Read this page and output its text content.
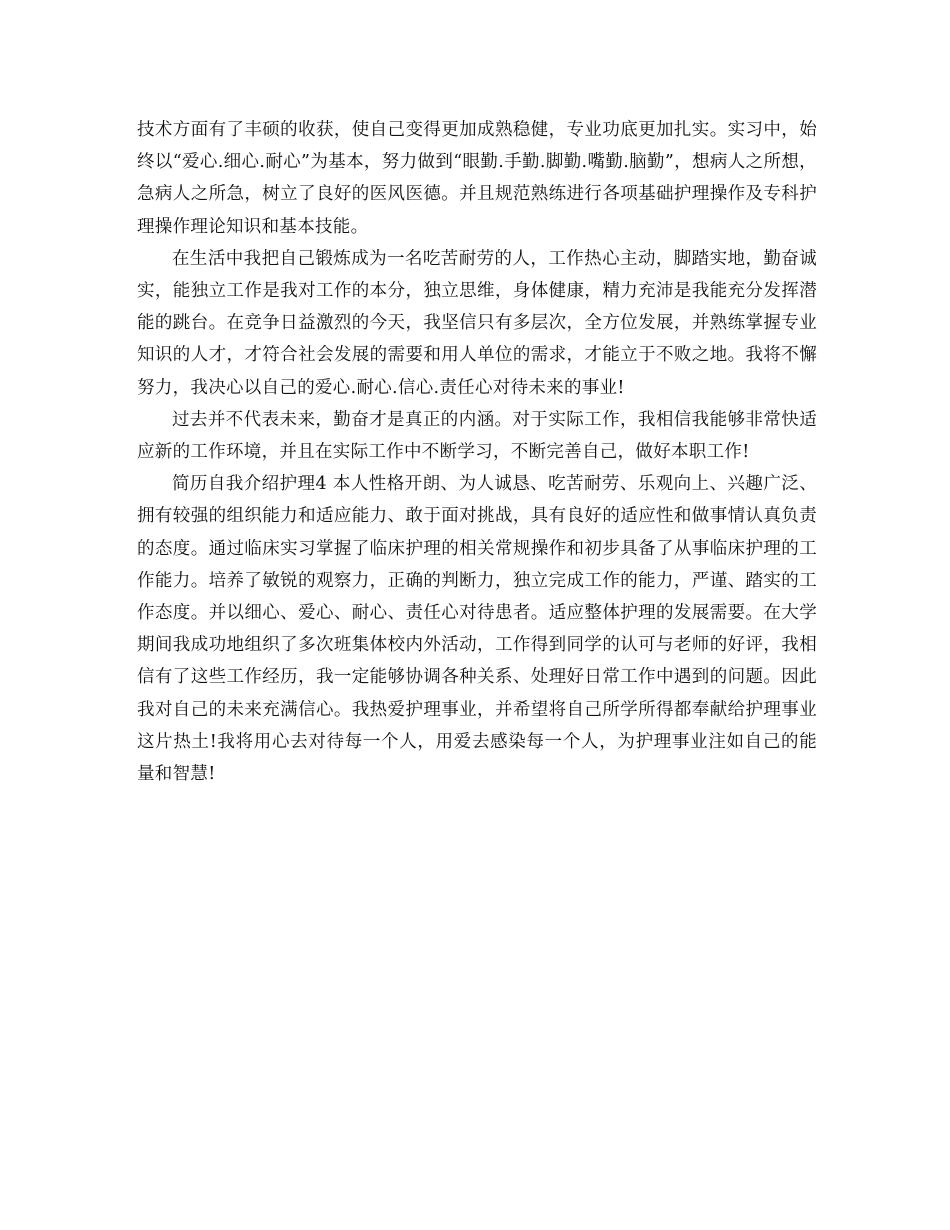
技术方面有了丰硕的收获，使自己变得更加成熟稳健，专业功底更加扎实。实习中，始终以“爱心.细心.耐心”为基本，努力做到“眼勤.手勤.脚勤.嘴勤.脑勤”，想病人之所想，急病人之所急，树立了良好的医风医德。并且规范熟练进行各项基础护理操作及专科护理操作理论知识和基本技能。

在生活中我把自己锻炼成为一名吃苦耐劳的人，工作热心主动，脚踏实地，勤奋诚实，能独立工作是我对工作的本分，独立思维，身体健康，精力充沛是我能充分发挥潜能的跳台。在竞争日益激烈的今天，我坚信只有多层次，全方位发展，并熟练掌握专业知识的人才，才符合社会发展的需要和用人单位的需求，才能立于不败之地。我将不懈努力，我决心以自己的爱心.耐心.信心.责任心对待未来的事业!

过去并不代表未来，勤奋才是真正的内涵。对于实际工作，我相信我能够非常快适应新的工作环境，并且在实际工作中不断学习，不断完善自己，做好本职工作!

简历自我介绍护理4 本人性格开朗、为人诚恳、吃苦耐劳、乐观向上、兴趣广泛、拥有较强的组织能力和适应能力、敢于面对挑战，具有良好的适应性和做事情认真负责的态度。通过临床实习掌握了临床护理的相关常规操作和初步具备了从事临床护理的工作能力。培养了敏锐的观察力，正确的判断力，独立完成工作的能力，严谨、踏实的工作态度。并以细心、爱心、耐心、责任心对待患者。适应整体护理的发展需要。在大学期间我成功地组织了多次班集体校内外活动，工作得到同学的认可与老师的好评，我相信有了这些工作经历，我一定能够协调各种关系、处理好日常工作中遇到的问题。因此我对自己的未来充满信心。我热爱护理事业，并希望将自己所学所得都奉献给护理事业这片热土!我将用心去对待每一个人，用爱去感染每一个人，为护理事业注如自己的能量和智慧!
